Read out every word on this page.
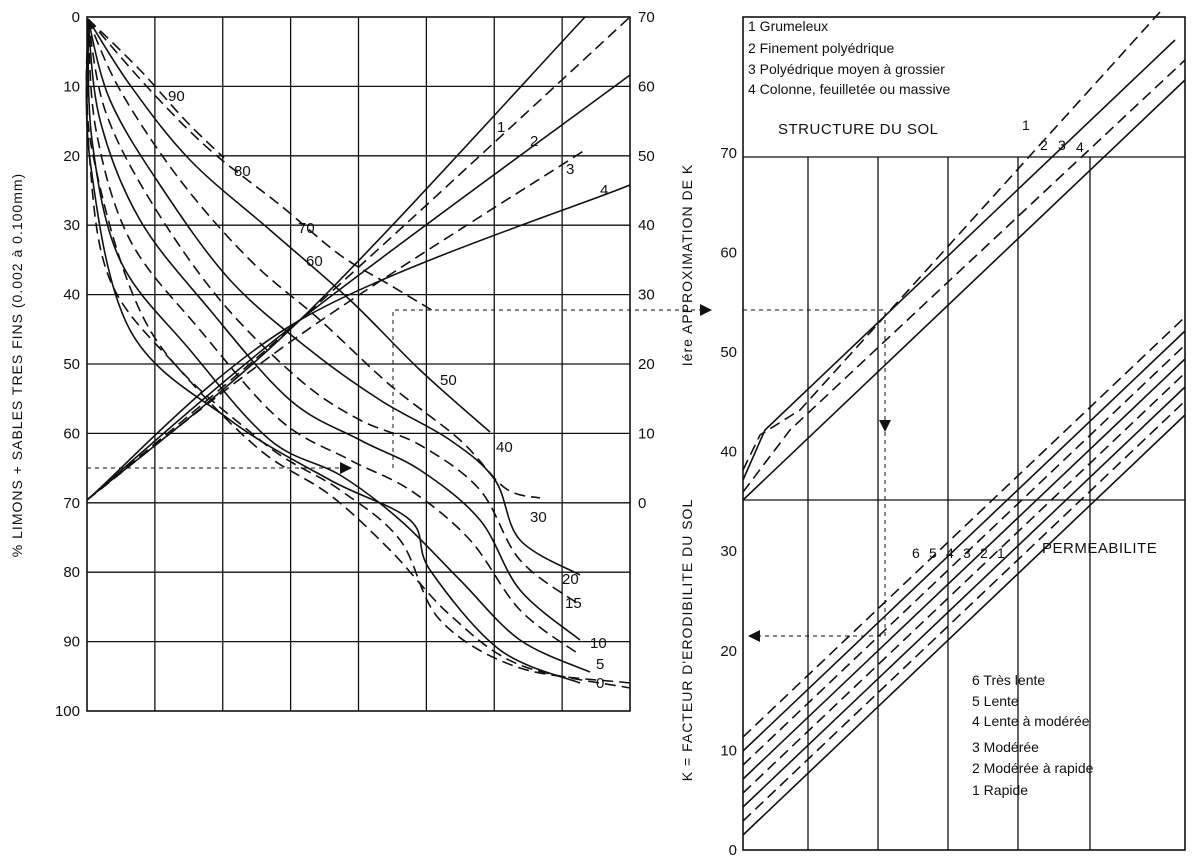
0
10
20
30
40
50
60
70
80
90
100
70
60
50
40
30
20
10
0
90
80
70
60
50
40
30
20
15
10
5
0
1
2
3
4
0
10
20
30
40
50
60
70
1
2 3 4
6 5 4 3 2 1
% LIMONS + SABLES TRES FINS (0.002 à 0.100mm)	Iére APPROXIMATION DE K
K = FACTEUR D'ERODIBILITE DU SOL
STRUCTURE DU SOL
1 Grumeleux
2 Finement polyédrique
3 Polyédrique moyen à grossier
4 Colonne, feuilletée ou massive
PERMEABILITE
6 Très lente
5 Lente
4 Lente à modérée
3 Modérée
2 Modérée à rapide
1 Rapide
